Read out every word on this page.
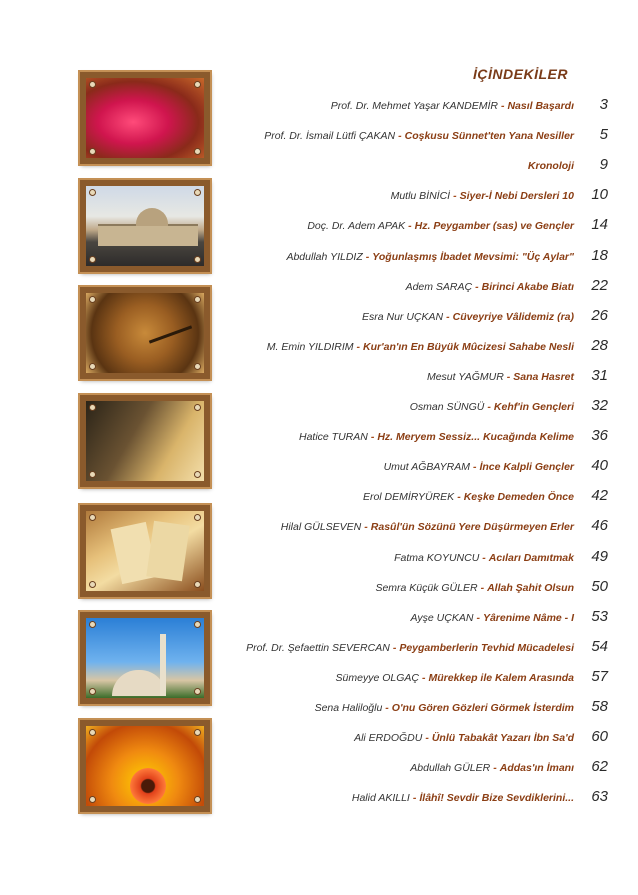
İÇİNDEKİLER
Prof. Dr. Mehmet Yaşar KANDEMİR - Nasıl Başardı 3
Prof. Dr. İsmail Lütfi ÇAKAN - Coşkusu Sünnet'ten Yana Nesiller 5
Kronoloji 9
Mutlu BİNİCİ - Siyer-İ Nebi Dersleri 10 10
Doç. Dr. Adem APAK - Hz. Peygamber (sas) ve Gençler 14
Abdullah YILDIZ - Yoğunlaşmış İbadet Mevsimi: "Üç Aylar" 18
Adem SARAÇ - Birinci Akabe Biatı 22
Esra Nur UÇKAN - Cüveyriye Vâlidemiz (ra) 26
M. Emin YILDIRIM - Kur'an'ın En Büyük Mûcizesi Sahabe Nesli 28
Mesut YAĞMUR - Sana Hasret 31
Osman SÜNGÜ - Kehf'in Gençleri 32
Hatice TURAN - Hz. Meryem Sessiz... Kucağında Kelime 36
Umut AĞBAYRAM - İnce Kalpli Gençler 40
Erol DEMİRYÜREK - Keşke Demeden Önce 42
Hilal GÜLSEVEN - Rasûl'ün Sözünü Yere Düşürmeyen Erler 46
Fatma KOYUNCU - Acıları Damıtmak 49
Semra Küçük GÜLER - Allah Şahit Olsun 50
Ayşe UÇKAN - Yârenime Nâme - I 53
Prof. Dr. Şefaettin SEVERCAN - Peygamberlerin Tevhid Mücadelesi 54
Sümeyye OLGAÇ - Mürekkep ile Kalem Arasında 57
Sena Haliloğlu - O'nu Gören Gözleri Görmek İsterdim 58
Ali ERDOĞDU - Ünlü Tabakât Yazarı İbn Sa'd 60
Abdullah GÜLER - Addas'ın İmanı 62
Halid AKILLI - İlâhî! Sevdir Bize Sevdiklerini... 63
